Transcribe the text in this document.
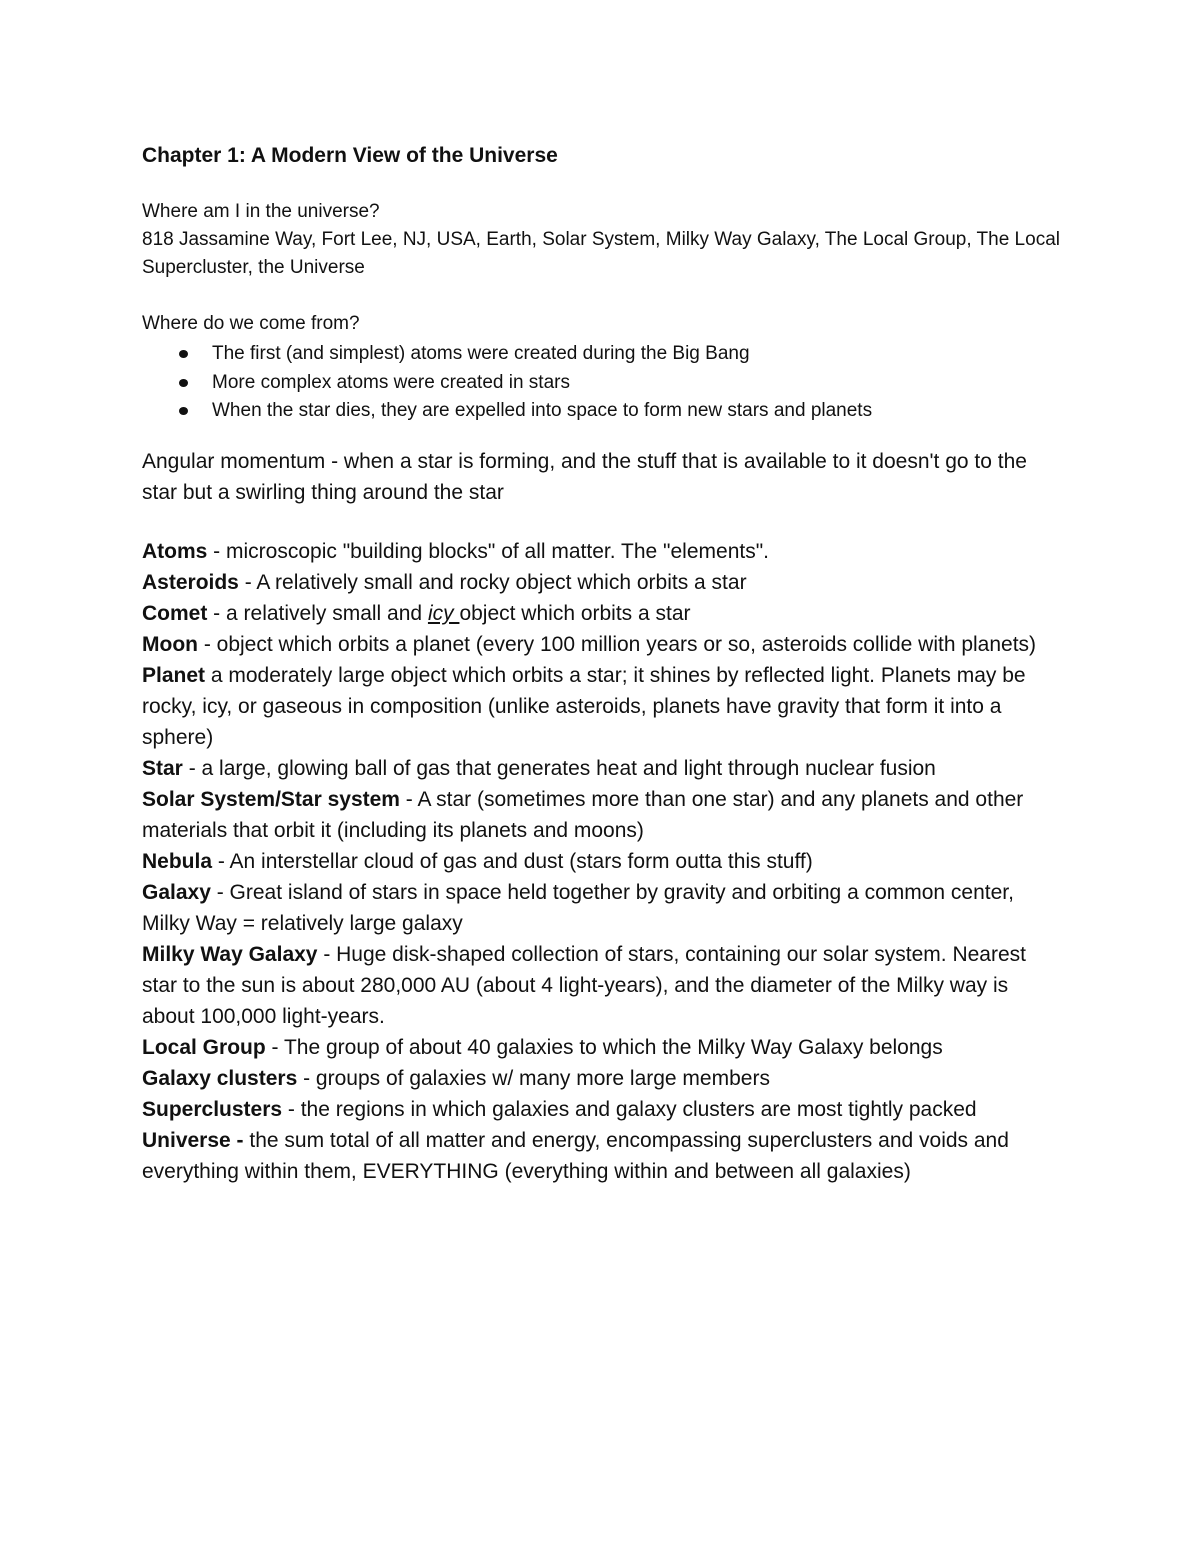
Chapter 1: A Modern View of the Universe

Where am I in the universe?

818 Jassamine Way, Fort Lee, NJ, USA, Earth, Solar System, Milky Way Galaxy, The Local Group, The Local Supercluster, the Universe

Where do we come from?

The first (and simplest) atoms were created during the Big Bang
More complex atoms were created in stars
When the star dies, they are expelled into space to form new stars and planets

Angular momentum - when a star is forming, and the stuff that is available to it doesn't go to the star but a swirling thing around the star

Atoms - microscopic "building blocks" of all matter. The "elements".

Asteroids - A relatively small and rocky object which orbits a star

Comet - a relatively small and icy object which orbits a star

Moon - object which orbits a planet (every 100 million years or so, asteroids collide with planets)

Planet a moderately large object which orbits a star; it shines by reflected light. Planets may be rocky, icy, or gaseous in composition (unlike asteroids, planets have gravity that form it into a sphere)

Star - a large, glowing ball of gas that generates heat and light through nuclear fusion

Solar System/Star system - A star (sometimes more than one star) and any planets and other materials that orbit it (including its planets and moons)

Nebula - An interstellar cloud of gas and dust (stars form outta this stuff)

Galaxy - Great island of stars in space held together by gravity and orbiting a common center, Milky Way = relatively large galaxy

Milky Way Galaxy - Huge disk-shaped collection of stars, containing our solar system. Nearest star to the sun is about 280,000 AU (about 4 light-years), and the diameter of the Milky way is about 100,000 light-years.

Local Group - The group of about 40 galaxies to which the Milky Way Galaxy belongs

Galaxy clusters - groups of galaxies w/ many more large members

Superclusters - the regions in which galaxies and galaxy clusters are most tightly packed

Universe - the sum total of all matter and energy, encompassing superclusters and voids and everything within them, EVERYTHING (everything within and between all galaxies)
